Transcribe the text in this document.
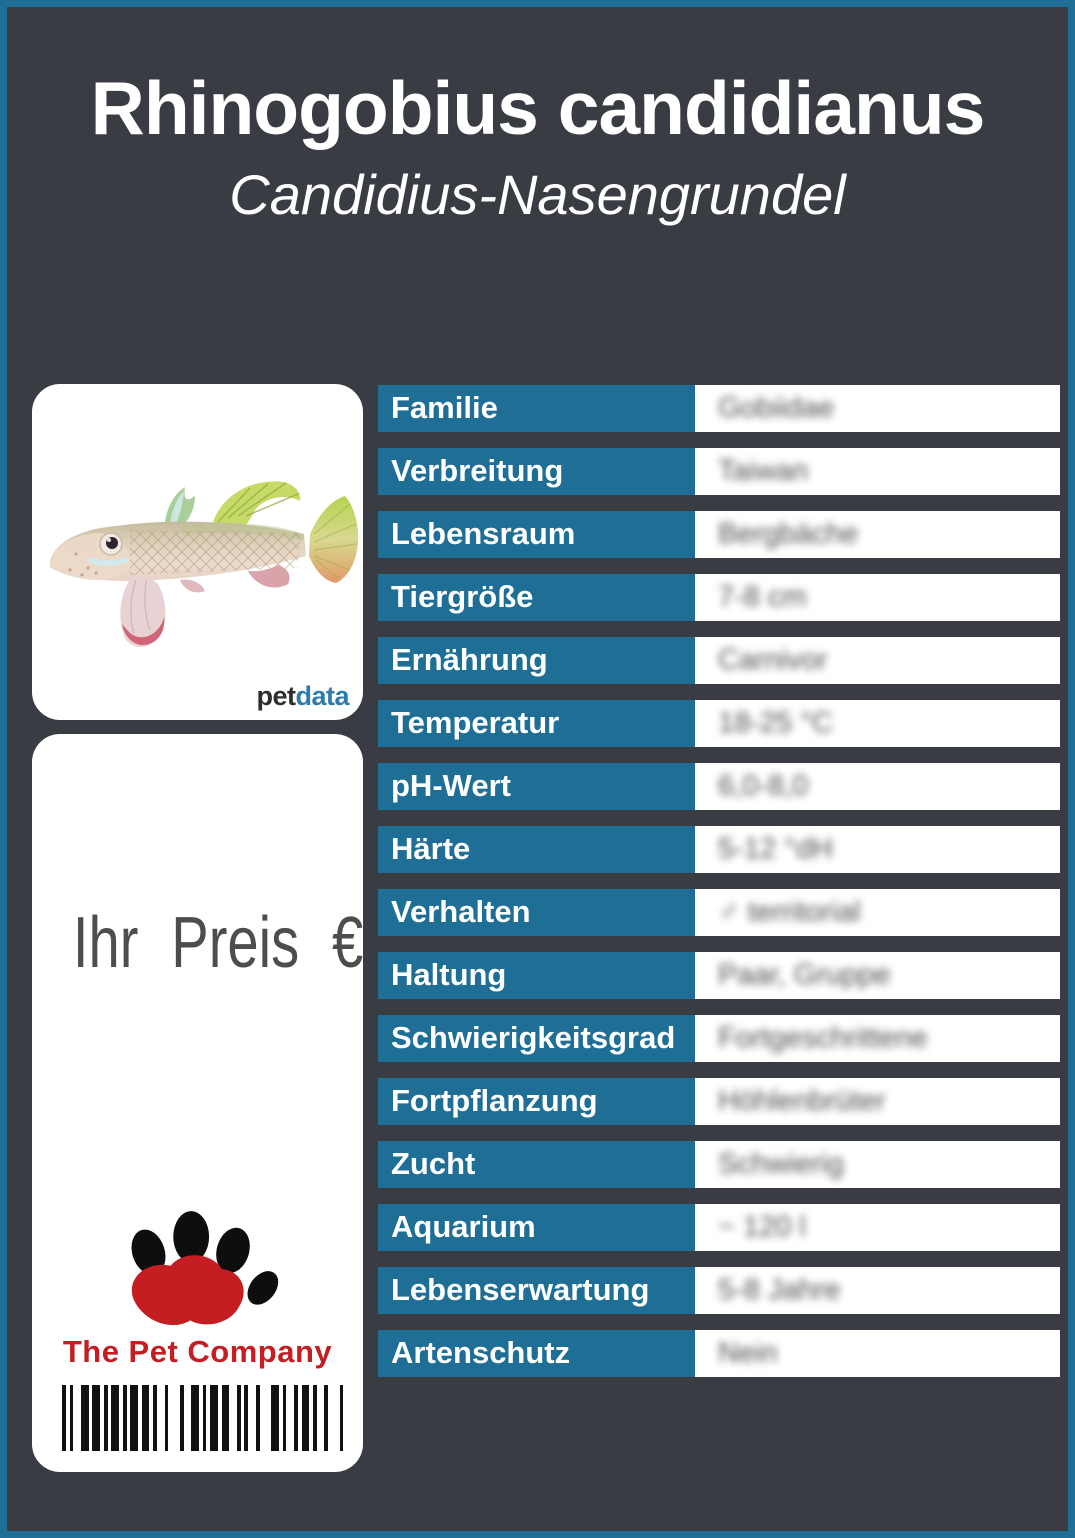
Rhinogobius candidianus
Candidius-Nasengrundel
petdata
Ihr Preis €
The Pet Company
Familie	Gobiidae
Verbreitung	Taiwan
Lebensraum	Bergbäche
Tiergröße	7-8 cm
Ernährung	Carnivor
Temperatur	18-25 °C
pH-Wert	6,0-8,0
Härte	5-12 °dH
Verhalten	♂ territorial
Haltung	Paar, Gruppe
Schwierigkeitsgrad	Fortgeschrittene
Fortpflanzung	Höhlenbrüter
Zucht	Schwierig
Aquarium	~ 120 l
Lebenserwartung	5-8 Jahre
Artenschutz	Nein
